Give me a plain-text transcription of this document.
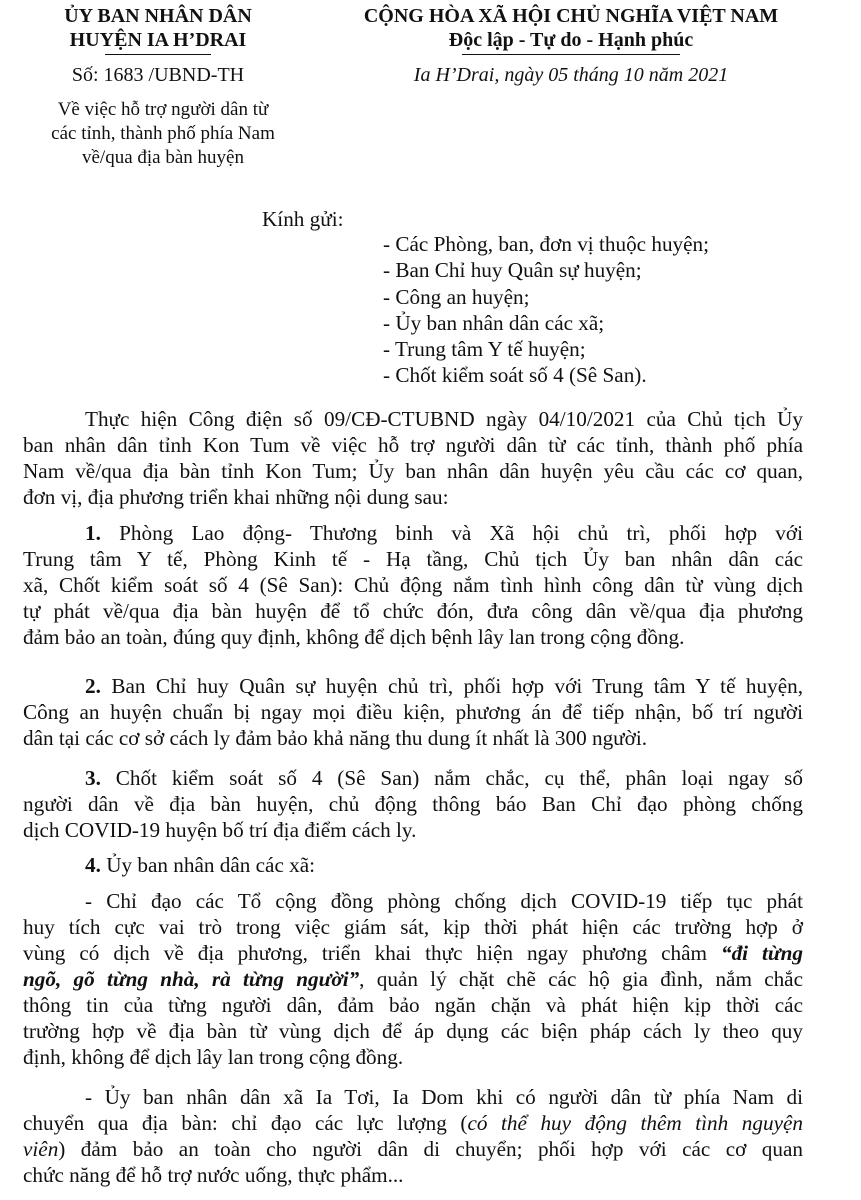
ỦY BAN NHÂN DÂN
HUYỆN IA H’DRAI
CỘNG HÒA XÃ HỘI CHỦ NGHĨA VIỆT NAM
Độc lập - Tự do - Hạnh phúc
Số: 1683 /UBND-TH	Ia H’Drai, ngày 05 tháng 10 năm 2021
Về việc hỗ trợ người dân từ
các tỉnh, thành phố phía Nam
về/qua địa bàn huyện
Kính gửi:
- Các Phòng, ban, đơn vị thuộc huyện;
- Ban Chỉ huy Quân sự huyện;
- Công an huyện;
- Ủy ban nhân dân các xã;
- Trung tâm Y tế huyện;
- Chốt kiểm soát số 4 (Sê San).
Thực hiện Công điện số 09/CĐ-CTUBND ngày 04/10/2021 của Chủ tịch Ủy
ban nhân dân tỉnh Kon Tum về việc hỗ trợ người dân từ các tỉnh, thành phố phía
Nam về/qua địa bàn tỉnh Kon Tum; Ủy ban nhân dân huyện yêu cầu các cơ quan,
đơn vị, địa phương triển khai những nội dung sau:
1. Phòng Lao động- Thương binh và Xã hội chủ trì, phối hợp với
Trung tâm Y tế, Phòng Kinh tế - Hạ tầng, Chủ tịch Ủy ban nhân dân các
xã, Chốt kiểm soát số 4 (Sê San): Chủ động nắm tình hình công dân từ vùng dịch
tự phát về/qua địa bàn huyện để tổ chức đón, đưa công dân về/qua địa phương
đảm bảo an toàn, đúng quy định, không để dịch bệnh lây lan trong cộng đồng.
2. Ban Chỉ huy Quân sự huyện chủ trì, phối hợp với Trung tâm Y tế huyện,
Công an huyện chuẩn bị ngay mọi điều kiện, phương án để tiếp nhận, bố trí người
dân tại các cơ sở cách ly đảm bảo khả năng thu dung ít nhất là 300 người.
3. Chốt kiểm soát số 4 (Sê San) nắm chắc, cụ thể, phân loại ngay số
người dân về địa bàn huyện, chủ động thông báo Ban Chỉ đạo phòng chống
dịch COVID-19 huyện bố trí địa điểm cách ly.
4. Ủy ban nhân dân các xã:
- Chỉ đạo các Tổ cộng đồng phòng chống dịch COVID-19 tiếp tục phát
huy tích cực vai trò trong việc giám sát, kịp thời phát hiện các trường hợp ở
vùng có dịch về địa phương, triển khai thực hiện ngay phương châm “đi từng
ngõ, gõ từng nhà, rà từng người”, quản lý chặt chẽ các hộ gia đình, nắm chắc
thông tin của từng người dân, đảm bảo ngăn chặn và phát hiện kịp thời các
trường hợp về địa bàn từ vùng dịch để áp dụng các biện pháp cách ly theo quy
định, không để dịch lây lan trong cộng đồng.
- Ủy ban nhân dân xã Ia Tơi, Ia Dom khi có người dân từ phía Nam di
chuyển qua địa bàn: chỉ đạo các lực lượng (có thể huy động thêm tình nguyện
viên) đảm bảo an toàn cho người dân di chuyển; phối hợp với các cơ quan
chức năng để hỗ trợ nước uống, thực phẩm...
